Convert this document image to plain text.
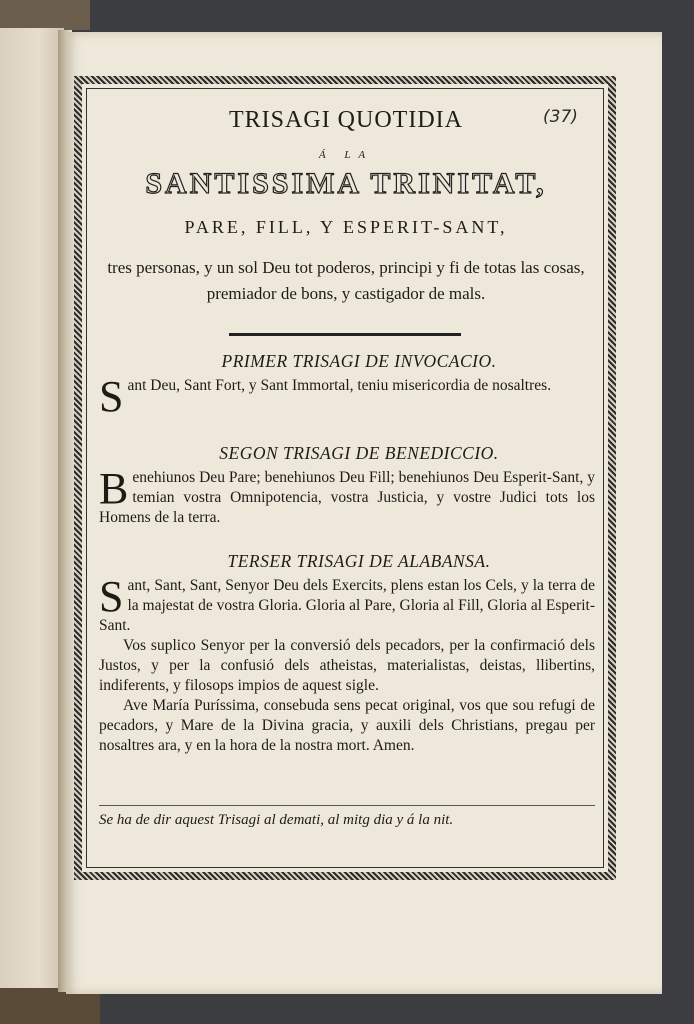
TRISAGI QUOTIDIA	(37)
Á LA
SANTISSIMA TRINITAT,
PARE, FILL, Y ESPERIT-SANT,
tres personas, y un sol Deu tot poderos, principi y fi de totas las cosas, premiador de bons, y castigador de mals.
PRIMER TRISAGI DE INVOCACIO.
Sant Deu, Sant Fort, y Sant Immortal, teniu misericordia de nosaltres.
SEGON TRISAGI DE BENEDICCIO.
Benehiunos Deu Pare; benehiunos Deu Fill; benehiunos Deu Esperit-Sant, y temian vostra Omnipotencia, vostra Justicia, y vostre Judici tots los Homens de la terra.
TERSER TRISAGI DE ALABANSA.
Sant, Sant, Sant, Senyor Deu dels Exercits, plens estan los Cels, y la terra de la majestat de vostra Gloria. Gloria al Pare, Gloria al Fill, Gloria al Esperit-Sant.
Vos suplico Senyor per la conversió dels pecadors, per la confirmació dels Justos, y per la confusió dels atheistas, materialistas, deistas, llibertins, indiferents, y filosops impios de aquest sigle.
Ave María Puríssima, consebuda sens pecat original, vos que sou refugi de pecadors, y Mare de la Divina gracia, y auxili dels Christians, pregau per nosaltres ara, y en la hora de la nostra mort. Amen.
Se ha de dir aquest Trisagi al demati, al mitg dia y á la nit.
